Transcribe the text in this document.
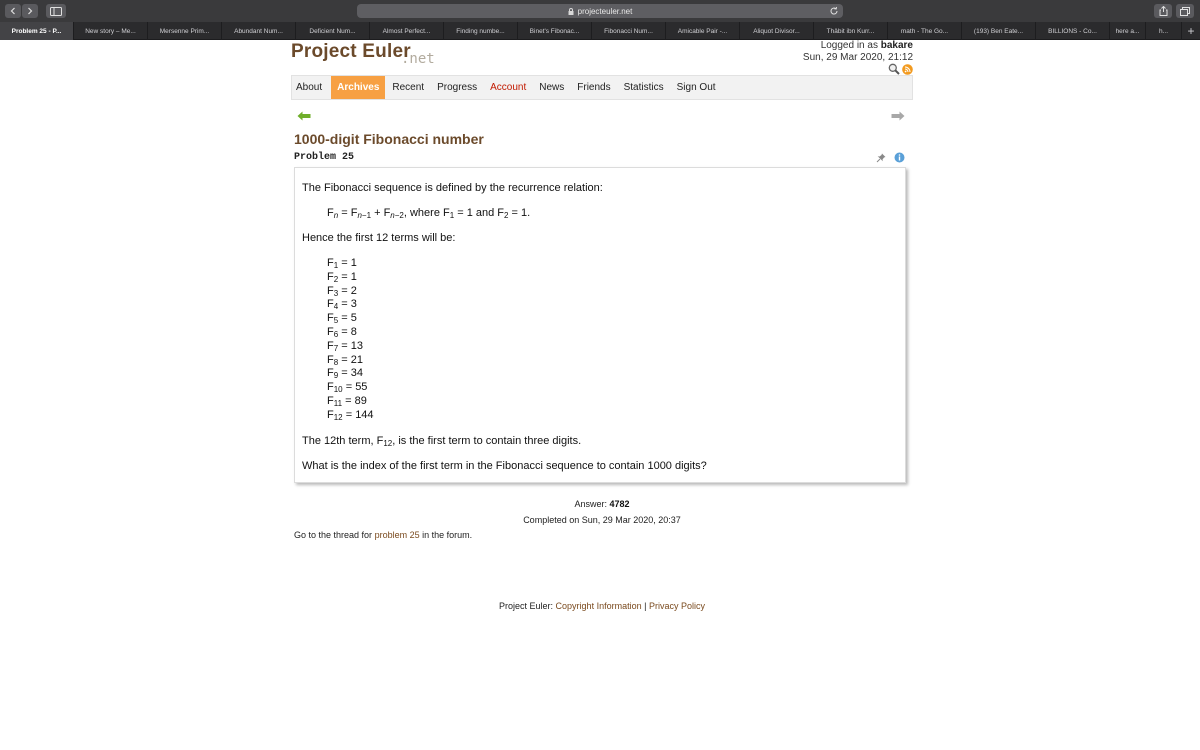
projecteuler.net
Problem 25 - P...	New story – Me...	Mersenne Prim...	Abundant Num...	Deficient Num...	Almost Perfect...	Finding numbe...	Binet's Fibonac...	Fibonacci Num...	Amicable Pair -...	Aliquot Divisor...	Thâbit ibn Kurr...	math - The Go...	(193) Ben Eate...	BILLIONS - Co...	here a...	h...	+
Project Euler
.net
Logged in as bakare
Sun, 29 Mar 2020, 21:12
About	Archives	Recent	Progress	Account	News	Friends	Statistics	Sign Out
1000-digit Fibonacci number
Problem 25

The Fibonacci sequence is defined by the recurrence relation:

$F_n = F_{n-1} + F_{n-2}$, where $F_1 = 1$ and $F_2 = 1$.

Hence the first 12 terms will be:

$F_1 = 1$
$F_2 = 1$
$F_3 = 2$
$F_4 = 3$
$F_5 = 5$
$F_6 = 8$
$F_7 = 13$
$F_8 = 21$
$F_9 = 34$
$F_{10} = 55$
$F_{11} = 89$
$F_{12} = 144$

The 12th term, $F_{12}$, is the first term to contain three digits.

What is the index of the first term in the Fibonacci sequence to contain 1000 digits?

Answer: 4782
Completed on Sun, 29 Mar 2020, 20:37
Go to the thread for problem 25 in the forum.
Project Euler: Copyright Information | Privacy Policy
